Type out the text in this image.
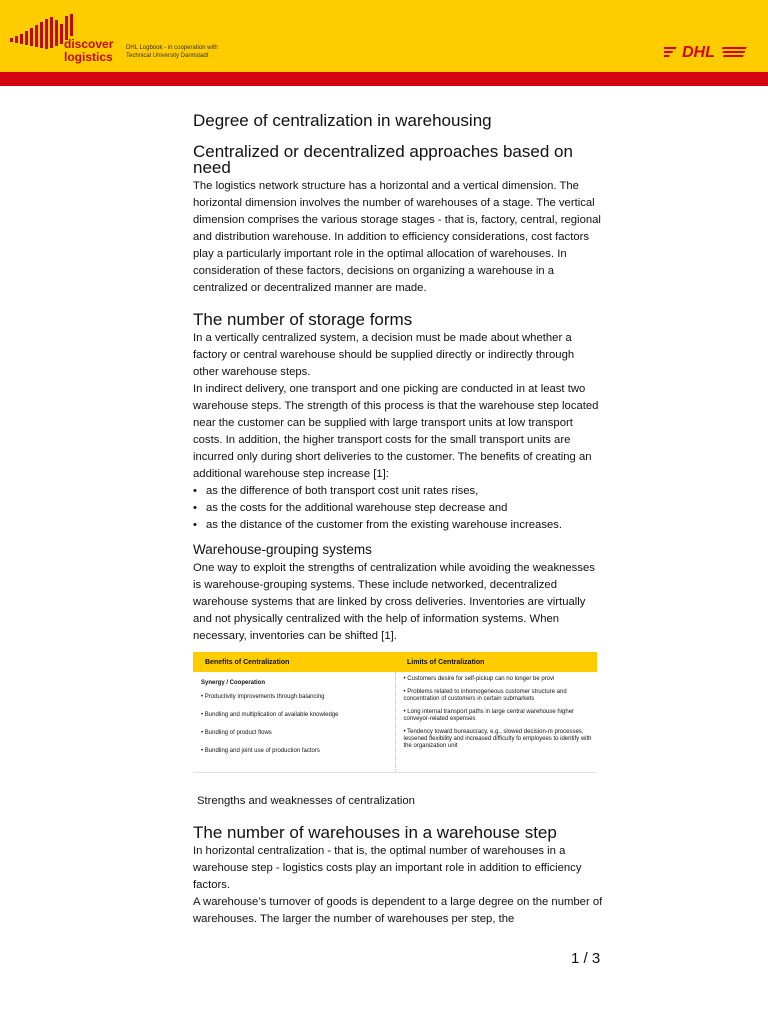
discover
logistics
DHL Logbook - in cooperation with
Technical University Darmstadt	DHL
Degree of centralization in warehousing
Centralized or decentralized approaches based on need

The logistics network structure has a horizontal and a vertical dimension. The horizontal dimension involves the number of warehouses of a stage. The vertical dimension comprises the various storage stages - that is, factory, central, regional and distribution warehouse. In addition to efficiency considerations, cost factors play a particularly important role in the optimal allocation of warehouses. In consideration of these factors, decisions on organizing a warehouse in a centralized or decentralized manner are made.

The number of storage forms

In a vertically centralized system, a decision must be made about whether a factory or central warehouse should be supplied directly or indirectly through other warehouse steps.

In indirect delivery, one transport and one picking are conducted in at least two warehouse steps. The strength of this process is that the warehouse step located near the customer can be supplied with large transport units at low transport costs. In addition, the higher transport costs for the small transport units are incurred only during short deliveries to the customer. The benefits of creating an additional warehouse step increase [1]:

• as the difference of both transport cost unit rates rises,
• as the costs for the additional warehouse step decrease and
• as the distance of the customer from the existing warehouse increases.
Warehouse-grouping systems

One way to exploit the strengths of centralization while avoiding the weaknesses is warehouse-grouping systems. These include networked, decentralized warehouse systems that are linked by cross deliveries. Inventories are virtually and not physically centralized with the help of information systems. When necessary, inventories can be shifted [1].

Benefits of Centralization	Limits of Centralization
Synergy / Cooperation
• Productivity improvements through balancing
• Bundling and multiplication of available knowledge
• Bundling of product flows
• Bundling and joint use of production factors
• Customers desire for self-pickup can no longer be provi
• Problems related to inhomogeneous customer structure and concentration of customers in certain submarkets
• Long internal transport paths in large central warehouse higher conveyor-related expenses
• Tendency toward bureaucracy, e.g., slowed decision-m processes, lessened flexibility and increased difficulty fo employees to identify with the organization unit
Strengths and weaknesses of centralization
The number of warehouses in a warehouse step

In horizontal centralization - that is, the optimal number of warehouses in a warehouse step - logistics costs play an important role in addition to efficiency factors.

A warehouse’s turnover of goods is dependent to a large degree on the number of warehouses. The larger the number of warehouses per step, the

1 / 3
